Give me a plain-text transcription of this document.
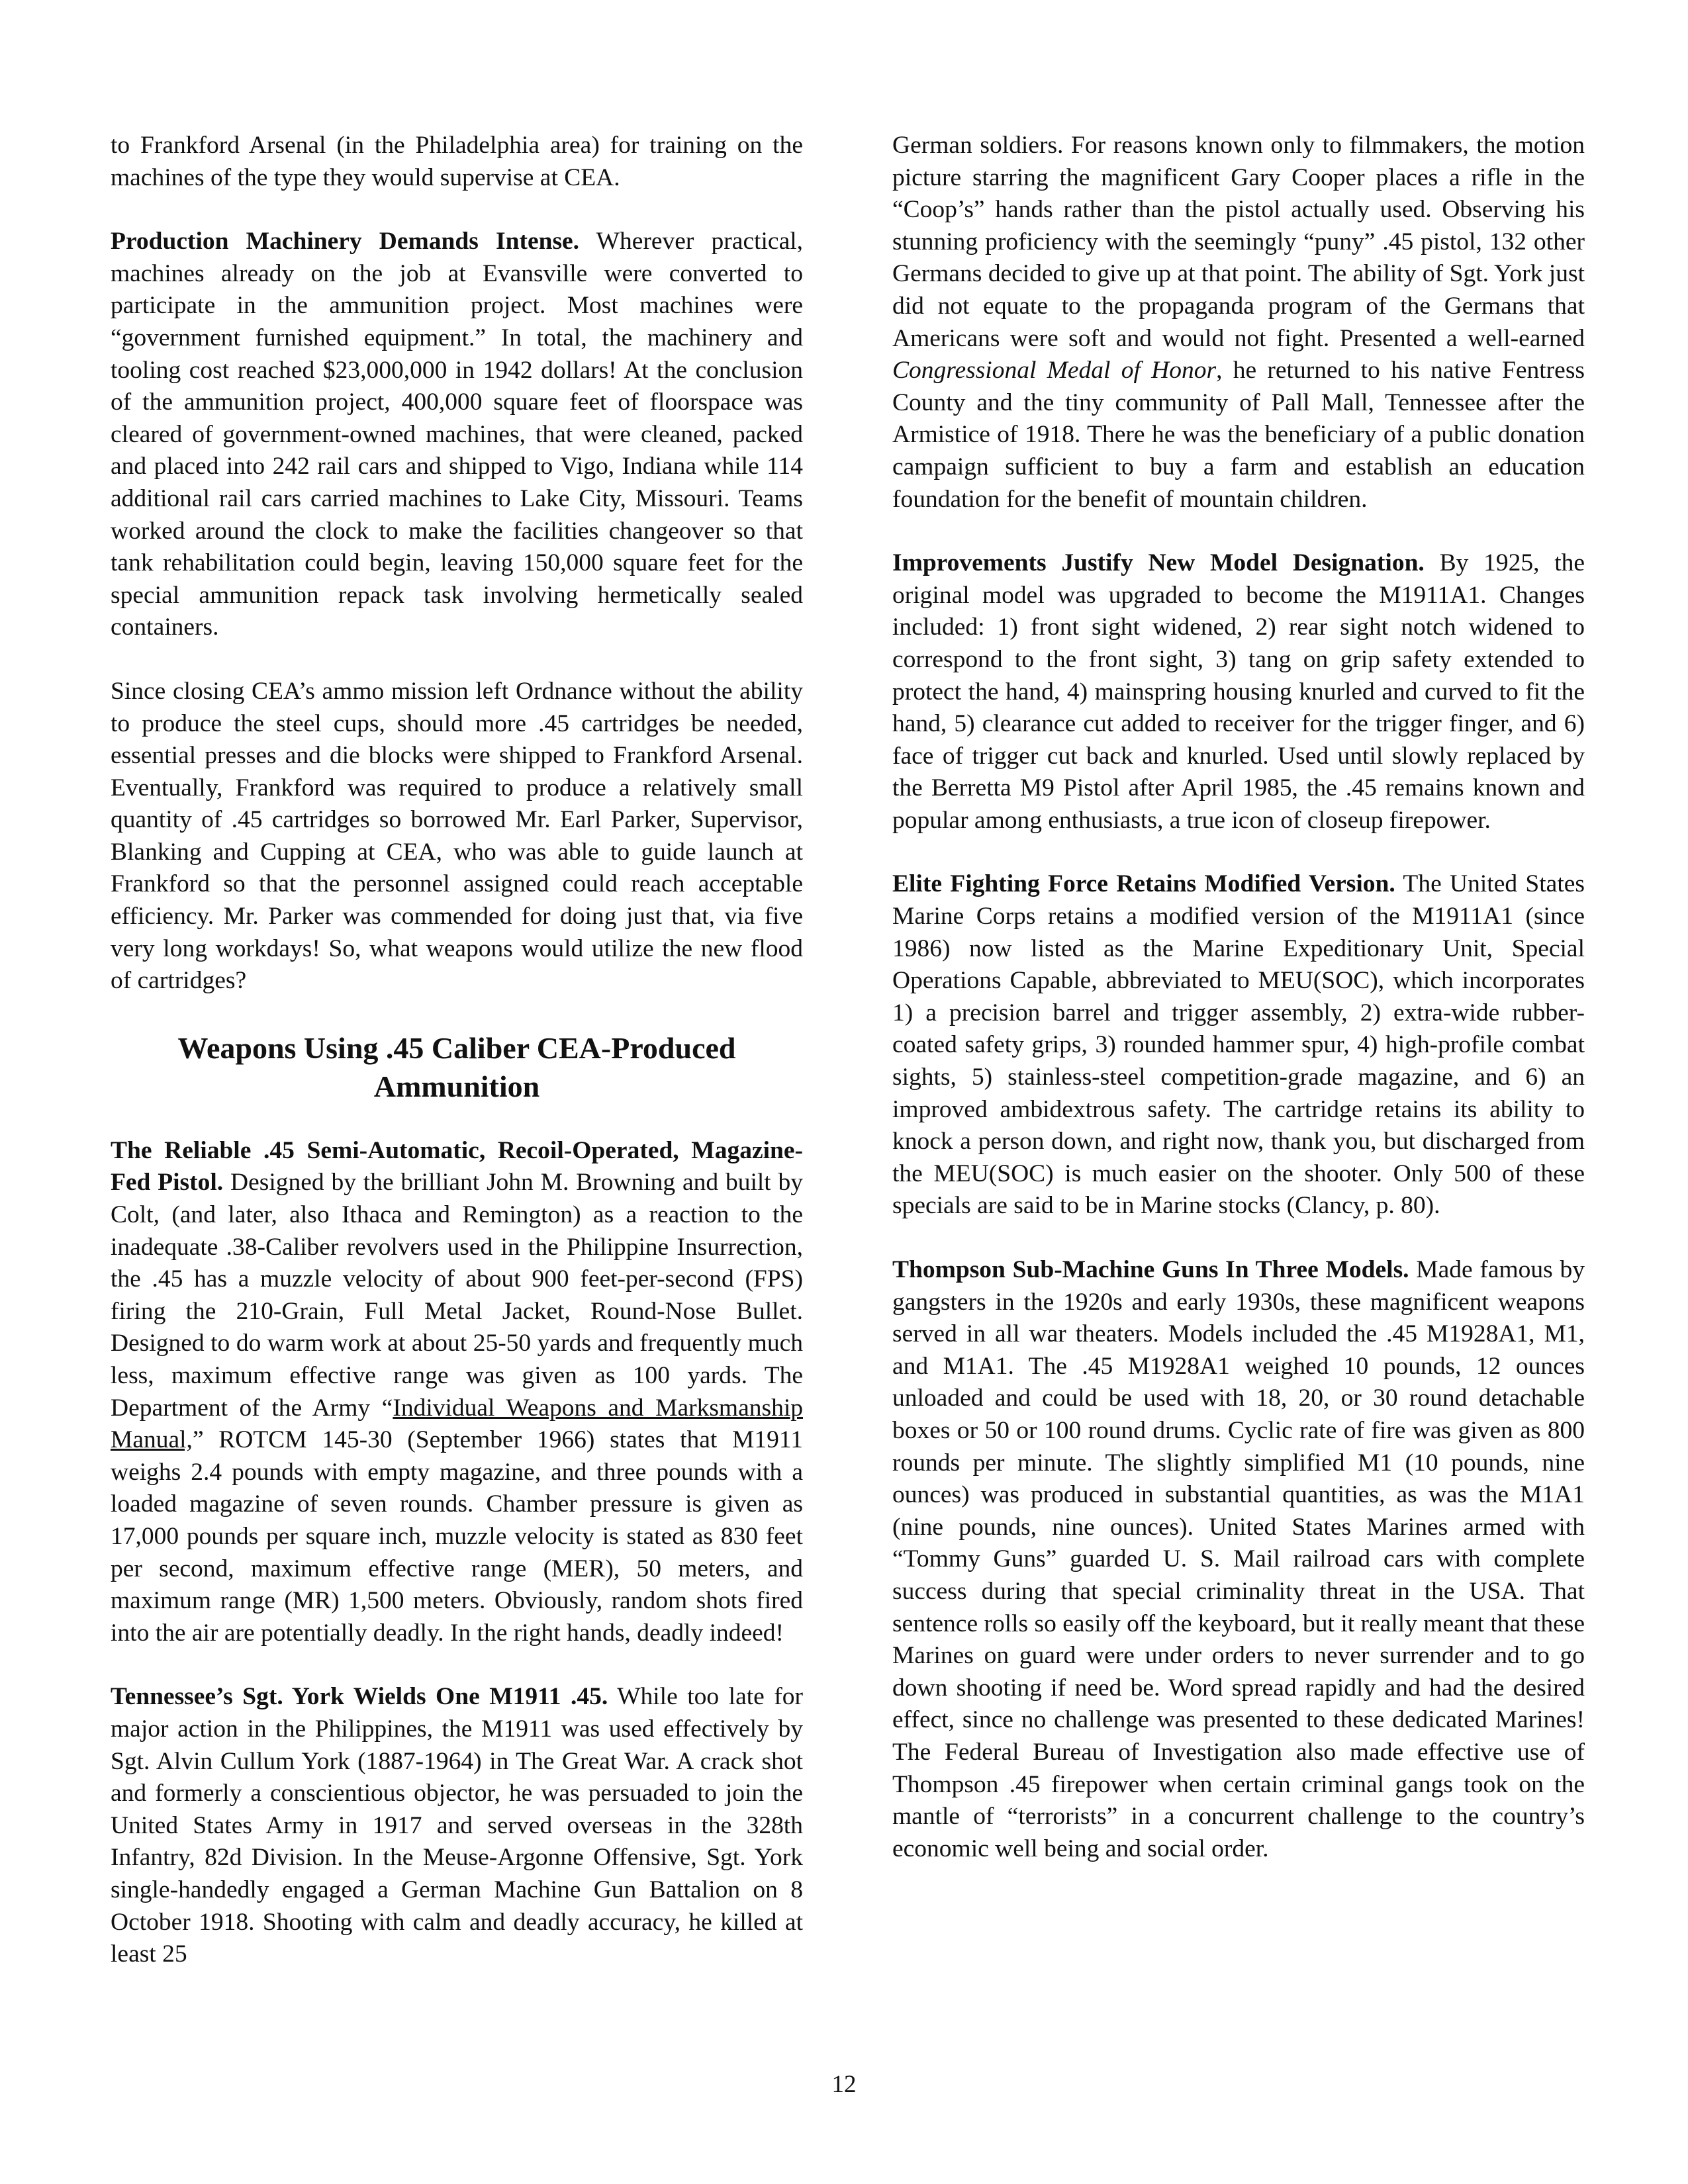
to Frankford Arsenal (in the Philadelphia area) for training on the machines of the type they would supervise at CEA.

Production Machinery Demands Intense. Wherever practical, machines already on the job at Evansville were converted to participate in the ammunition project. Most machines were “government furnished equipment.” In total, the machinery and tooling cost reached $23,000,000 in 1942 dollars! At the conclusion of the ammunition project, 400,000 square feet of floorspace was cleared of government-owned machines, that were cleaned, packed and placed into 242 rail cars and shipped to Vigo, Indiana while 114 additional rail cars carried machines to Lake City, Missouri. Teams worked around the clock to make the facilities changeover so that tank rehabilitation could begin, leaving 150,000 square feet for the special ammunition repack task involving hermetically sealed containers.

Since closing CEA’s ammo mission left Ordnance without the ability to produce the steel cups, should more .45 cartridges be needed, essential presses and die blocks were shipped to Frankford Arsenal. Eventually, Frankford was required to produce a relatively small quantity of .45 cartridges so borrowed Mr. Earl Parker, Supervisor, Blanking and Cupping at CEA, who was able to guide launch at Frankford so that the personnel assigned could reach acceptable efficiency. Mr. Parker was commended for doing just that, via five very long workdays! So, what weapons would utilize the new flood of cartridges?

Weapons Using .45 Caliber CEA-Produced
Ammunition

The Reliable .45 Semi-Automatic, Recoil-Operated, Magazine-Fed Pistol. Designed by the brilliant John M. Browning and built by Colt, (and later, also Ithaca and Remington) as a reaction to the inadequate .38-Caliber revolvers used in the Philippine Insurrection, the .45 has a muzzle velocity of about 900 feet-per-second (FPS) firing the 210-Grain, Full Metal Jacket, Round-Nose Bullet. Designed to do warm work at about 25-50 yards and frequently much less, maximum effective range was given as 100 yards. The Department of the Army “Individual Weapons and Marksmanship Manual,” ROTCM 145-30 (September 1966) states that M1911 weighs 2.4 pounds with empty magazine, and three pounds with a loaded magazine of seven rounds. Chamber pressure is given as 17,000 pounds per square inch, muzzle velocity is stated as 830 feet per second, maximum effective range (MER), 50 meters, and maximum range (MR) 1,500 meters. Obviously, random shots fired into the air are potentially deadly. In the right hands, deadly indeed!

Tennessee’s Sgt. York Wields One M1911 .45. While too late for major action in the Philippines, the M1911 was used effectively by Sgt. Alvin Cullum York (1887-1964) in The Great War. A crack shot and formerly a conscientious objector, he was persuaded to join the United States Army in 1917 and served overseas in the 328th Infantry, 82d Division. In the Meuse-Argonne Offensive, Sgt. York single-handedly engaged a German Machine Gun Battalion on 8 October 1918. Shooting with calm and deadly accuracy, he killed at least 25

German soldiers. For reasons known only to filmmakers, the motion picture starring the magnificent Gary Cooper places a rifle in the “Coop’s” hands rather than the pistol actually used. Observing his stunning proficiency with the seemingly “puny” .45 pistol, 132 other Germans decided to give up at that point. The ability of Sgt. York just did not equate to the propaganda program of the Germans that Americans were soft and would not fight. Presented a well-earned Congressional Medal of Honor, he returned to his native Fentress County and the tiny community of Pall Mall, Tennessee after the Armistice of 1918. There he was the beneficiary of a public donation campaign sufficient to buy a farm and establish an education foundation for the benefit of mountain children.

Improvements Justify New Model Designation. By 1925, the original model was upgraded to become the M1911A1. Changes included: 1) front sight widened, 2) rear sight notch widened to correspond to the front sight, 3) tang on grip safety extended to protect the hand, 4) mainspring housing knurled and curved to fit the hand, 5) clearance cut added to receiver for the trigger finger, and 6) face of trigger cut back and knurled. Used until slowly replaced by the Berretta M9 Pistol after April 1985, the .45 remains known and popular among enthusiasts, a true icon of closeup firepower.

Elite Fighting Force Retains Modified Version. The United States Marine Corps retains a modified version of the M1911A1 (since 1986) now listed as the Marine Expeditionary Unit, Special Operations Capable, abbreviated to MEU(SOC), which incorporates 1) a precision barrel and trigger assembly, 2) extra-wide rubber-coated safety grips, 3) rounded hammer spur, 4) high-profile combat sights, 5) stainless-steel competition-grade magazine, and 6) an improved ambidextrous safety. The cartridge retains its ability to knock a person down, and right now, thank you, but discharged from the MEU(SOC) is much easier on the shooter. Only 500 of these specials are said to be in Marine stocks (Clancy, p. 80).

Thompson Sub-Machine Guns In Three Models. Made famous by gangsters in the 1920s and early 1930s, these magnificent weapons served in all war theaters. Models included the .45 M1928A1, M1, and M1A1. The .45 M1928A1 weighed 10 pounds, 12 ounces unloaded and could be used with 18, 20, or 30 round detachable boxes or 50 or 100 round drums. Cyclic rate of fire was given as 800 rounds per minute. The slightly simplified M1 (10 pounds, nine ounces) was produced in substantial quantities, as was the M1A1 (nine pounds, nine ounces). United States Marines armed with “Tommy Guns” guarded U. S. Mail railroad cars with complete success during that special criminality threat in the USA. That sentence rolls so easily off the keyboard, but it really meant that these Marines on guard were under orders to never surrender and to go down shooting if need be. Word spread rapidly and had the desired effect, since no challenge was presented to these dedicated Marines! The Federal Bureau of Investigation also made effective use of Thompson .45 firepower when certain criminal gangs took on the mantle of “terrorists” in a concurrent challenge to the country’s economic well being and social order.

12
